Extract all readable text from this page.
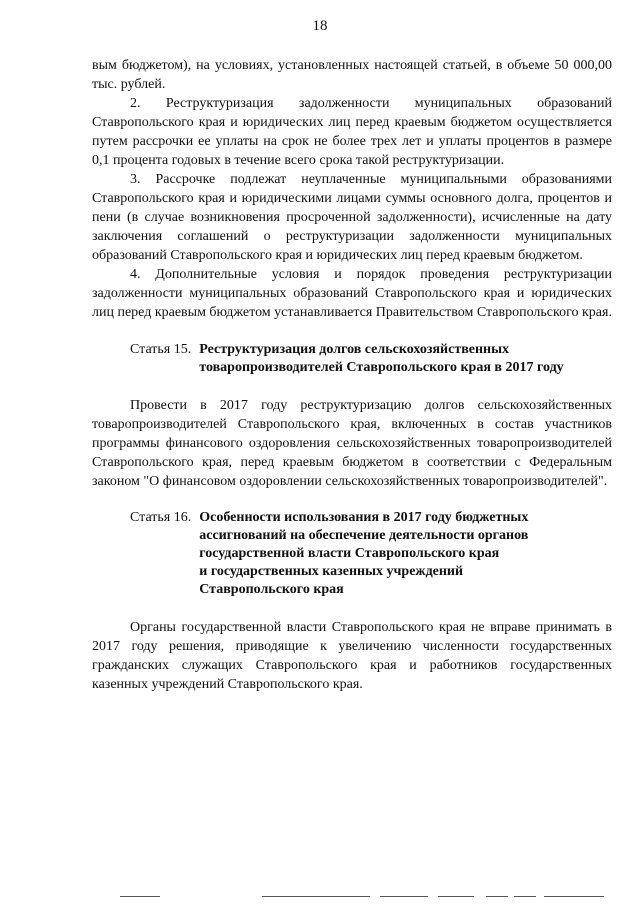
18

вым бюджетом), на условиях, установленных настоящей статьей, в объеме 50 000,00 тыс. рублей.

2. Реструктуризация задолженности муниципальных образований Ставропольского края и юридических лиц перед краевым бюджетом осуществляется путем рассрочки ее уплаты на срок не более трех лет и уплаты процентов в размере 0,1 процента годовых в течение всего срока такой реструктуризации.

3. Рассрочке подлежат неуплаченные муниципальными образованиями Ставропольского края и юридическими лицами суммы основного долга, процентов и пени (в случае возникновения просроченной задолженности), исчисленные на дату заключения соглашений о реструктуризации задолженности муниципальных образований Ставропольского края и юридических лиц перед краевым бюджетом.

4. Дополнительные условия и порядок проведения реструктуризации задолженности муниципальных образований Ставропольского края и юридических лиц перед краевым бюджетом устанавливается Правительством Ставропольского края.

Статья 15. Реструктуризация долгов сельскохозяйственных
товаропроизводителей Ставропольского края в 2017 году

Провести в 2017 году реструктуризацию долгов сельскохозяйственных товаропроизводителей Ставропольского края, включенных в состав участников программы финансового оздоровления сельскохозяйственных товаропроизводителей Ставропольского края, перед краевым бюджетом в соответствии с Федеральным законом "О финансовом оздоровлении сельскохозяйственных товаропроизводителей".

Статья 16. Особенности использования в 2017 году бюджетных
ассигнований на обеспечение деятельности органов
государственной власти Ставропольского края
и государственных казенных учреждений
Ставропольского края

Органы государственной власти Ставропольского края не вправе принимать в 2017 году решения, приводящие к увеличению численности государственных гражданских служащих Ставропольского края и работников государственных казенных учреждений Ставропольского края.
